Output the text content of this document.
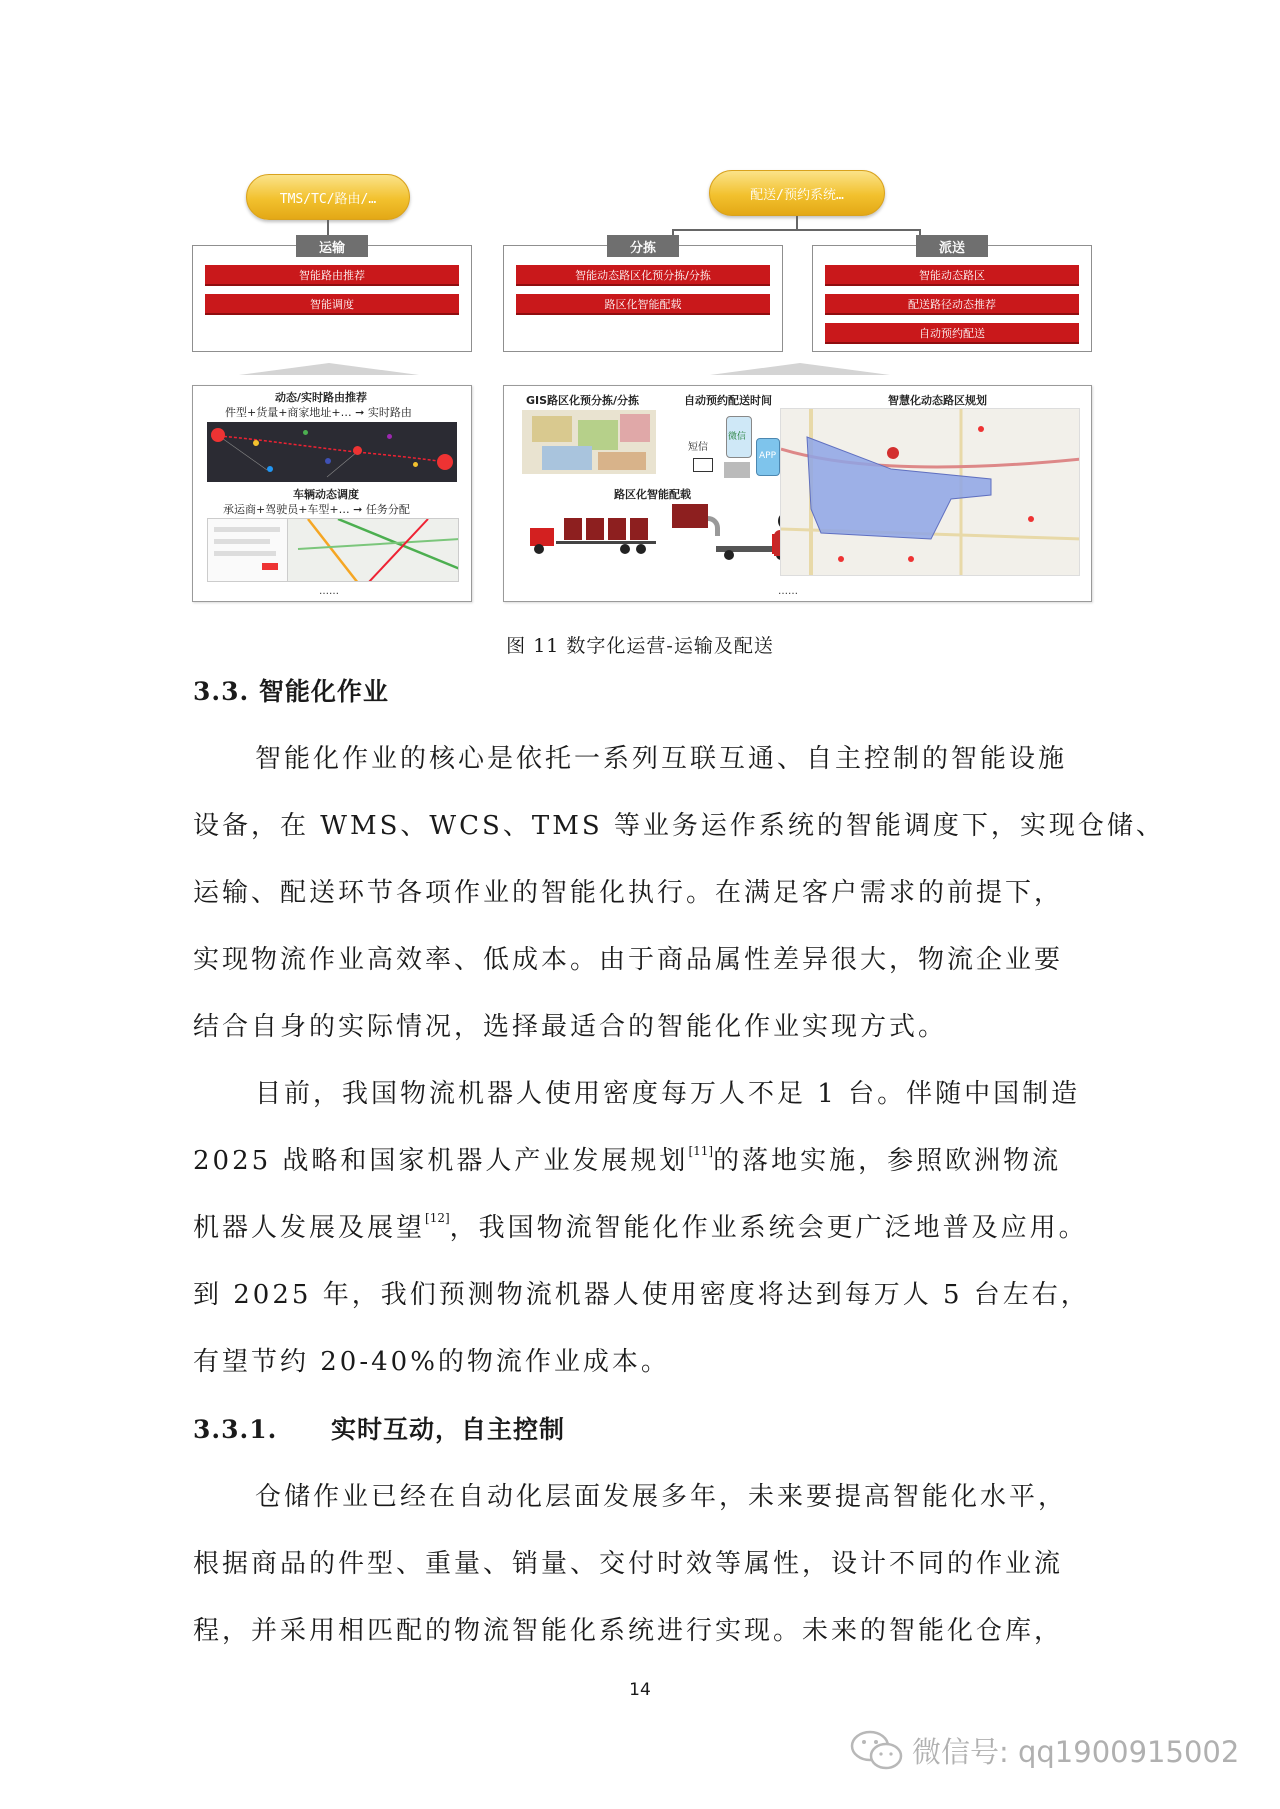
TMS/TC/路由/…	配送/预约系统…
运输
智能路由推荐
智能调度
分拣
智能动态路区化预分拣/分拣
路区化智能配载
派送
智能动态路区
配送路径动态推荐
自动预约配送
动态/实时路由推荐
件型+货量+商家地址+… ➞ 实时路由
车辆动态调度
承运商+驾驶员+车型+… ➞ 任务分配
……
GIS路区化预分拣/分拣	自动预约配送时间	智慧化动态路区规划
短信
微信
APP
路区化智能配载
……
图 11 数字化运营-运输及配送
3.3. 智能化作业

智能化作业的核心是依托一系列互联互通、自主控制的智能设施

设备，在 WMS、WCS、TMS 等业务运作系统的智能调度下，实现仓储、

运输、配送环节各项作业的智能化执行。在满足客户需求的前提下，

实现物流作业高效率、低成本。由于商品属性差异很大，物流企业要

结合自身的实际情况，选择最适合的智能化作业实现方式。

目前，我国物流机器人使用密度每万人不足 1 台。伴随中国制造

2025 战略和国家机器人产业发展规划[11]的落地实施，参照欧洲物流

机器人发展及展望[12]，我国物流智能化作业系统会更广泛地普及应用。

到 2025 年，我们预测物流机器人使用密度将达到每万人 5 台左右，

有望节约 20-40%的物流作业成本。

3.3.1. 实时互动，自主控制

仓储作业已经在自动化层面发展多年，未来要提高智能化水平，

根据商品的件型、重量、销量、交付时效等属性，设计不同的作业流

程，并采用相匹配的物流智能化系统进行实现。未来的智能化仓库，

14
微信号: qq1900915002
